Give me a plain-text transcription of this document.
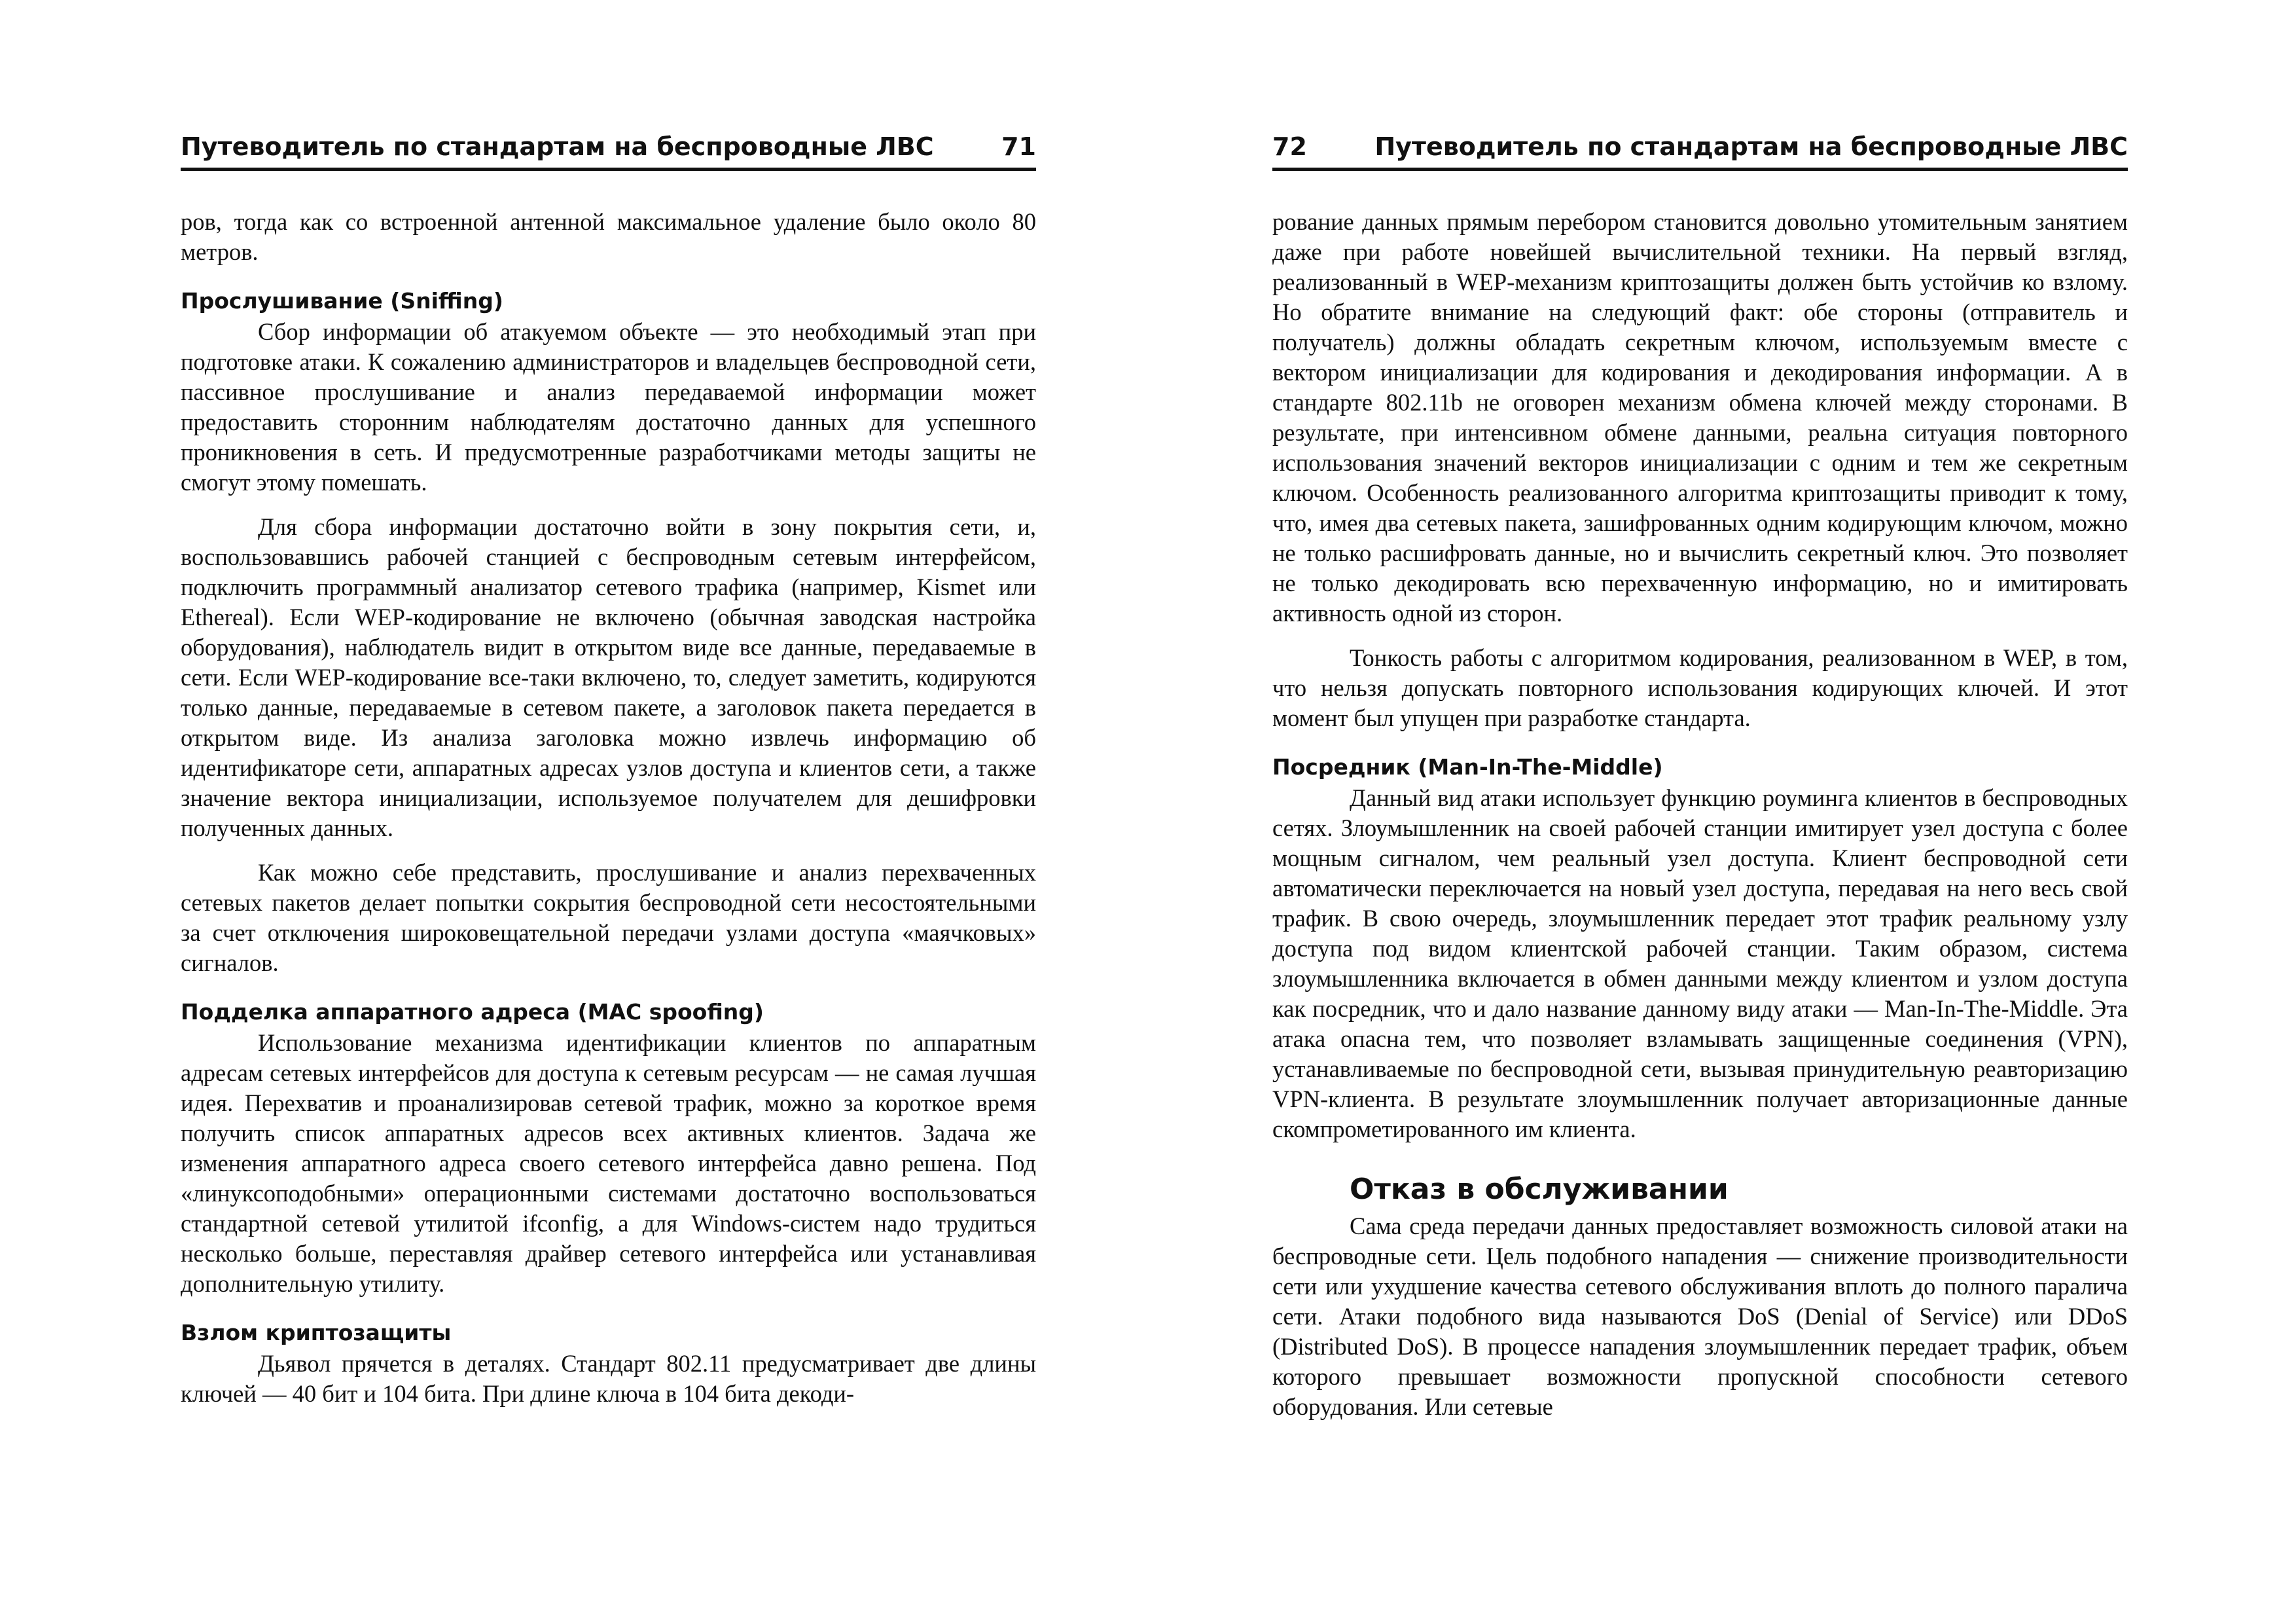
Путеводитель по стандартам на беспроводные ЛВС	71

ров, тогда как со встроенной антенной максимальное удаление было около 80 метров.

Прослушивание (Sniffing)

Сбор информации об атакуемом объекте — это необходимый этап при подготовке атаки. К сожалению администраторов и владельцев беспроводной сети, пассивное прослушивание и анализ передаваемой информации может предоставить сторонним наблюдателям достаточно данных для успешного проникновения в сеть. И предусмотренные разработчиками методы защиты не смогут этому помешать.

Для сбора информации достаточно войти в зону покрытия сети, и, воспользовавшись рабочей станцией с беспроводным сетевым интерфейсом, подключить программный анализатор сетевого трафика (например, Kismet или Ethereal). Если WEP-кодирование не включено (обычная заводская настройка оборудования), наблюдатель видит в открытом виде все данные, передаваемые в сети. Если WEP-кодирование все-таки включено, то, следует заметить, кодируются только данные, передаваемые в сетевом пакете, а заголовок пакета передается в открытом виде. Из анализа заголовка можно извлечь информацию об идентификаторе сети, аппаратных адресах узлов доступа и клиентов сети, а также значение вектора инициализации, используемое получателем для дешифровки полученных данных.

Как можно себе представить, прослушивание и анализ перехваченных сетевых пакетов делает попытки сокрытия беспроводной сети несостоятельными за счет отключения широковещательной передачи узлами доступа «маячковых» сигналов.

Подделка аппаратного адреса (MAC spoofing)

Использование механизма идентификации клиентов по аппаратным адресам сетевых интерфейсов для доступа к сетевым ресурсам — не самая лучшая идея. Перехватив и проанализировав сетевой трафик, можно за короткое время получить список аппаратных адресов всех активных клиентов. Задача же изменения аппаратного адреса своего сетевого интерфейса давно решена. Под «линуксоподобными» операционными системами достаточно воспользоваться стандартной сетевой утилитой ifconfig, а для Windows-систем надо трудиться несколько больше, переставляя драйвер сетевого интерфейса или устанавливая дополнительную утилиту.

Взлом криптозащиты

Дьявол прячется в деталях. Стандарт 802.11 предусматривает две длины ключей — 40 бит и 104 бита. При длине ключа в 104 бита декоди-

72	Путеводитель по стандартам на беспроводные ЛВС

рование данных прямым перебором становится довольно утомительным занятием даже при работе новейшей вычислительной техники. На первый взгляд, реализованный в WEP-механизм криптозащиты должен быть устойчив ко взлому. Но обратите внимание на следующий факт: обе стороны (отправитель и получатель) должны обладать секретным ключом, используемым вместе с вектором инициализации для кодирования и декодирования информации. А в стандарте 802.11b не оговорен механизм обмена ключей между сторонами. В результате, при интенсивном обмене данными, реальна ситуация повторного использования значений векторов инициализации с одним и тем же секретным ключом. Особенность реализованного алгоритма криптозащиты приводит к тому, что, имея два сетевых пакета, зашифрованных одним кодирующим ключом, можно не только расшифровать данные, но и вычислить секретный ключ. Это позволяет не только декодировать всю перехваченную информацию, но и имитировать активность одной из сторон.

Тонкость работы с алгоритмом кодирования, реализованном в WEP, в том, что нельзя допускать повторного использования кодирующих ключей. И этот момент был упущен при разработке стандарта.

Посредник (Man-In-The-Middle)

Данный вид атаки использует функцию роуминга клиентов в беспроводных сетях. Злоумышленник на своей рабочей станции имитирует узел доступа с более мощным сигналом, чем реальный узел доступа. Клиент беспроводной сети автоматически переключается на новый узел доступа, передавая на него весь свой трафик. В свою очередь, злоумышленник передает этот трафик реальному узлу доступа под видом клиентской рабочей станции. Таким образом, система злоумышленника включается в обмен данными между клиентом и узлом доступа как посредник, что и дало название данному виду атаки — Man-In-The-Middle. Эта атака опасна тем, что позволяет взламывать защищенные соединения (VPN), устанавливаемые по беспроводной сети, вызывая принудительную реавторизацию VPN-клиента. В результате злоумышленник получает авторизационные данные скомпрометированного им клиента.

Отказ в обслуживании

Сама среда передачи данных предоставляет возможность силовой атаки на беспроводные сети. Цель подобного нападения — снижение производительности сети или ухудшение качества сетевого обслуживания вплоть до полного паралича сети. Атаки подобного вида называются DoS (Denial of Service) или DDoS (Distributed DoS). В процессе нападения злоумышленник передает трафик, объем которого превышает возможности пропускной способности сетевого оборудования. Или сетевые
